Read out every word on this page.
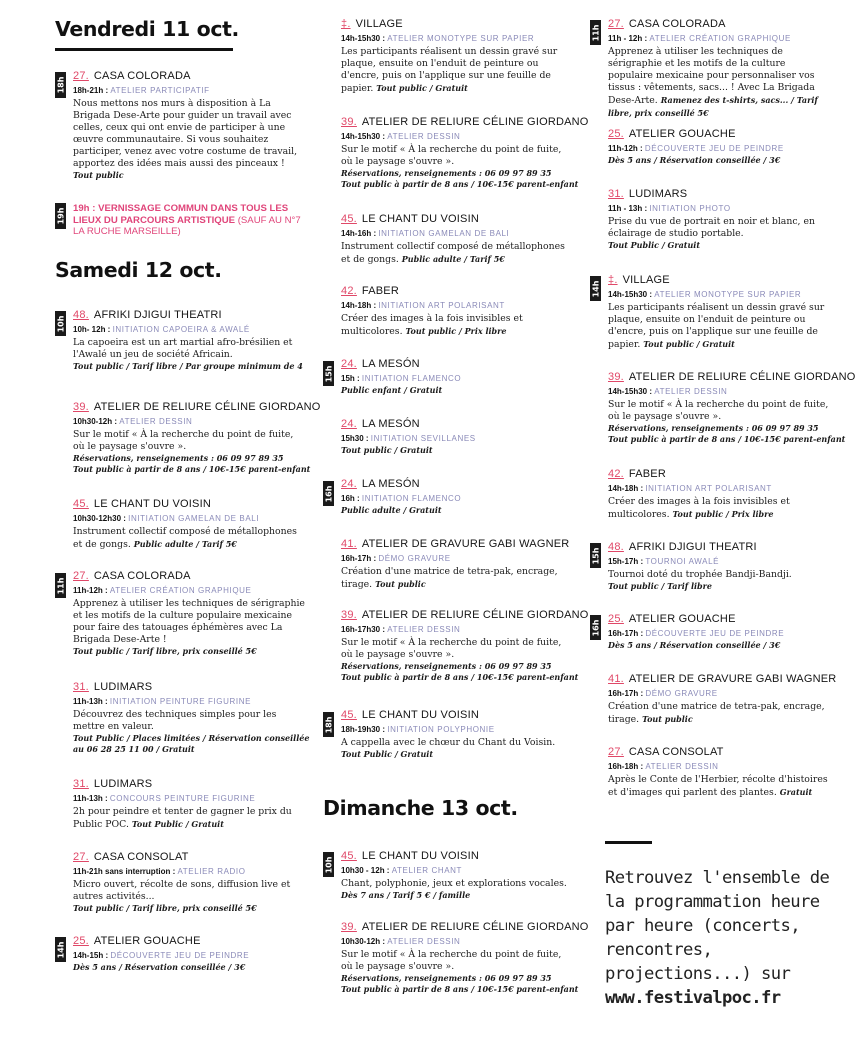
Vendredi 11 oct.
18h
27. CASA COLORADA
18h-21h : ATELIER PARTICIPATIF
Nous mettons nos murs à disposition à La Brigada Dese-Arte pour guider un travail avec celles, ceux qui ont envie de participer à une œuvre communautaire. Si vous souhaitez participer, venez avec votre costume de travail, apportez des idées mais aussi des pinceaux !
Tout public
19h 19h : VERNISSAGE COMMUN DANS TOUS LES LIEUX DU PARCOURS ARTISTIQUE (SAUF AU N°7 LA RUCHE MARSEILLE)
Samedi 12 oct.
10h
48. AFRIKI DJIGUI THEATRI
10h- 12h : INITIATION CAPOEIRA & AWALÉ
La capoeira est un art martial afro-brésilien et l'Awalé un jeu de société Africain.
Tout public / Tarif libre / Par groupe minimum de 4
39. ATELIER DE RELIURE CÉLINE GIORDANO
10h30-12h : ATELIER DESSIN
Sur le motif « À la recherche du point de fuite, où le paysage s'ouvre ».
Réservations, renseignements : 06 09 97 89 35
Tout public à partir de 8 ans / 10€-15€ parent-enfant
45. LE CHANT DU VOISIN
10h30-12h30 : INITIATION GAMELAN DE BALI
Instrument collectif composé de métallophones et de gongs. Public adulte / Tarif 5€
11h
27. CASA COLORADA
11h-12h : ATELIER CRÉATION GRAPHIQUE
Apprenez à utiliser les techniques de sérigraphie et les motifs de la culture populaire mexicaine pour faire des tatouages éphémères avec La Brigada Dese-Arte !
Tout public / Tarif libre, prix conseillé 5€
31. LUDIMARS
11h-13h : INITIATION PEINTURE FIGURINE
Découvrez des techniques simples pour les mettre en valeur.
Tout Public / Places limitées / Réservation conseillée
au 06 28 25 11 00 / Gratuit
31. LUDIMARS
11h-13h : CONCOURS PEINTURE FIGURINE
2h pour peindre et tenter de gagner le prix du Public POC. Tout Public / Gratuit
27. CASA CONSOLAT
11h-21h sans interruption : ATELIER RADIO
Micro ouvert, récolte de sons, diffusion live et autres activités...
Tout public / Tarif libre, prix conseillé 5€
14h
25. ATELIER GOUACHE
14h-15h : DÉCOUVERTE JEU DE PEINDRE
Dès 5 ans / Réservation conseillée / 3€
‡. VILLAGE
14h-15h30 : ATELIER MONOTYPE SUR PAPIER
Les participants réalisent un dessin gravé sur plaque, ensuite on l'enduit de peinture ou d'encre, puis on l'applique sur une feuille de papier. Tout public / Gratuit
39. ATELIER DE RELIURE CÉLINE GIORDANO
14h-15h30 : ATELIER DESSIN
Sur le motif « À la recherche du point de fuite, où le paysage s'ouvre ».
Réservations, renseignements : 06 09 97 89 35
Tout public à partir de 8 ans / 10€-15€ parent-enfant
45. LE CHANT DU VOISIN
14h-16h : INITIATION GAMELAN DE BALI
Instrument collectif composé de métallophones et de gongs. Public adulte / Tarif 5€
42. FABER
14h-18h : INITIATION ART POLARISANT
Créer des images à la fois invisibles et multicolores. Tout public / Prix libre
15h
24. LA MESÓN
15h : INITIATION FLAMENCO
Public enfant / Gratuit
24. LA MESÓN
15h30 : INITIATION SEVILLANES
Tout public / Gratuit
16h
24. LA MESÓN
16h : INITIATION FLAMENCO
Public adulte / Gratuit
41. ATELIER DE GRAVURE GABI WAGNER
16h-17h : DÉMO GRAVURE
Création d'une matrice de tetra-pak, encrage, tirage. Tout public
39. ATELIER DE RELIURE CÉLINE GIORDANO
16h-17h30 : ATELIER DESSIN
Sur le motif « À la recherche du point de fuite, où le paysage s'ouvre ».
Réservations, renseignements : 06 09 97 89 35
Tout public à partir de 8 ans / 10€-15€ parent-enfant
18h
45. LE CHANT DU VOISIN
18h-19h30 : INITIATION POLYPHONIE
A cappella avec le chœur du Chant du Voisin.
Tout Public / Gratuit
Dimanche 13 oct.
10h
45. LE CHANT DU VOISIN
10h30 - 12h : ATELIER CHANT
Chant, polyphonie, jeux et explorations vocales.
Dès 7 ans / Tarif 5 € / famille
39. ATELIER DE RELIURE CÉLINE GIORDANO
10h30-12h : ATELIER DESSIN
Sur le motif « À la recherche du point de fuite, où le paysage s'ouvre ».
Réservations, renseignements : 06 09 97 89 35
Tout public à partir de 8 ans / 10€-15€ parent-enfant
11h
27. CASA COLORADA
11h - 12h : ATELIER CRÉATION GRAPHIQUE
Apprenez à utiliser les techniques de sérigraphie et les motifs de la culture populaire mexicaine pour personnaliser vos tissus : vêtements, sacs... ! Avec La Brigada Dese-Arte. Ramenez des t-shirts, sacs... / Tarif libre, prix conseillé 5€
25. ATELIER GOUACHE
11h-12h : DÉCOUVERTE JEU DE PEINDRE
Dès 5 ans / Réservation conseillée / 3€
31. LUDIMARS
11h - 13h : INITIATION PHOTO
Prise du vue de portrait en noir et blanc, en éclairage de studio portable.
Tout Public / Gratuit
14h
‡. VILLAGE
14h-15h30 : ATELIER MONOTYPE SUR PAPIER
Les participants réalisent un dessin gravé sur plaque, ensuite on l'enduit de peinture ou d'encre, puis on l'applique sur une feuille de papier. Tout public / Gratuit
39. ATELIER DE RELIURE CÉLINE GIORDANO
14h-15h30 : ATELIER DESSIN
Sur le motif « À la recherche du point de fuite, où le paysage s'ouvre ».
Réservations, renseignements : 06 09 97 89 35
Tout public à partir de 8 ans / 10€-15€ parent-enfant
42. FABER
14h-18h : INITIATION ART POLARISANT
Créer des images à la fois invisibles et multicolores. Tout public / Prix libre
15h
48. AFRIKI DJIGUI THEATRI
15h-17h : TOURNOI AWALÉ
Tournoi doté du trophée Bandji-Bandji.
Tout public / Tarif libre
16h
25. ATELIER GOUACHE
16h-17h : DÉCOUVERTE JEU DE PEINDRE
Dès 5 ans / Réservation conseillée / 3€
41. ATELIER DE GRAVURE GABI WAGNER
16h-17h : DÉMO GRAVURE
Création d'une matrice de tetra-pak, encrage, tirage. Tout public
27. CASA CONSOLAT
16h-18h : ATELIER DESSIN
Après le Conte de l'Herbier, récolte d'histoires et d'images qui parlent des plantes. Gratuit
Retrouvez l'ensemble de la programmation heure par heure (concerts, rencontres, projections...) sur www.festivalpoc.fr
